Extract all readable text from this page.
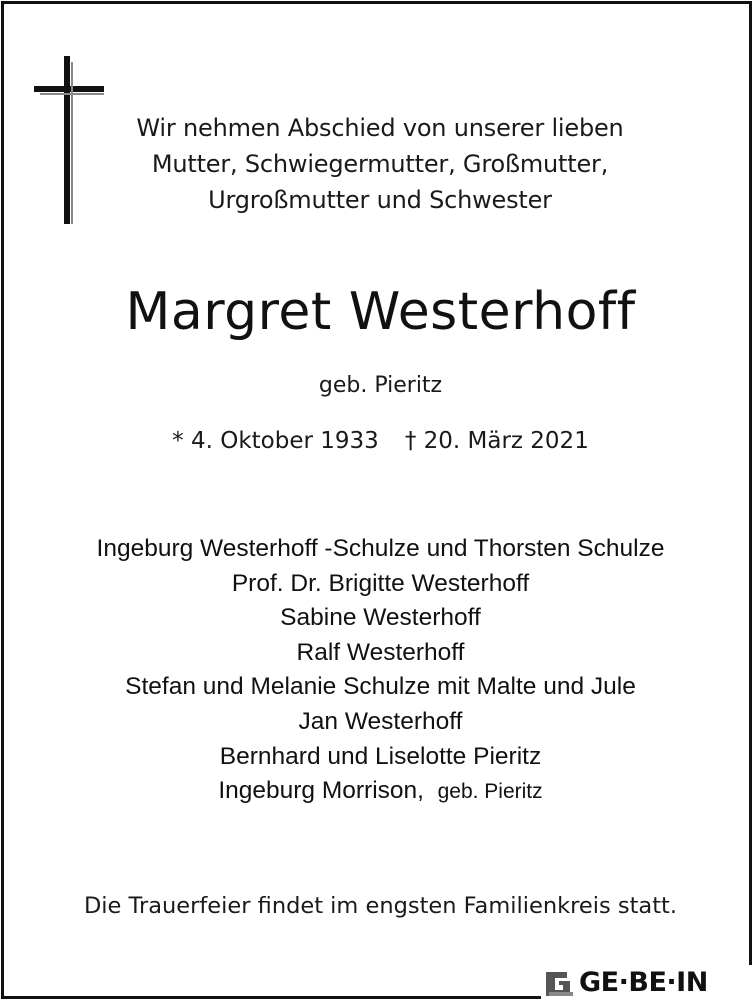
Wir nehmen Abschied von unserer lieben
Mutter, Schwiegermutter, Großmutter,
Urgroßmutter und Schwester
Margret Westerhoff
geb. Pieritz
* 4. Oktober 1933 † 20. März 2021
Ingeburg Westerhoff -Schulze und Thorsten Schulze
Prof. Dr. Brigitte Westerhoff
Sabine Westerhoff
Ralf Westerhoff
Stefan und Melanie Schulze mit Malte und Jule
Jan Westerhoff
Bernhard und Liselotte Pieritz
Ingeburg Morrison, geb. Pieritz
Die Trauerfeier findet im engsten Familienkreis statt.
GE·BE·IN
